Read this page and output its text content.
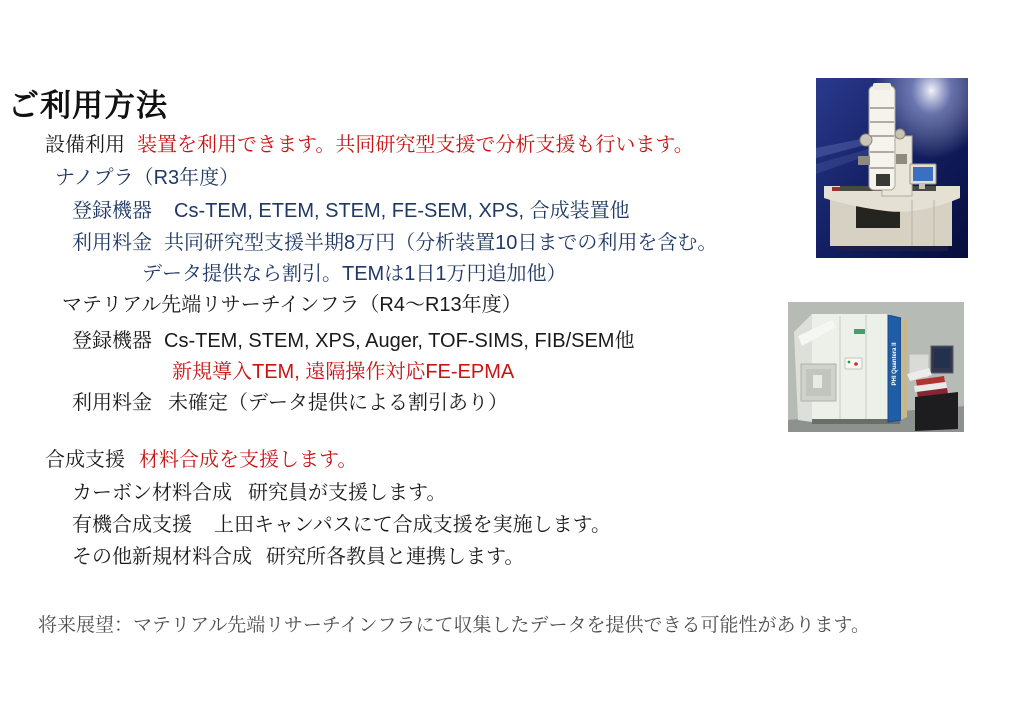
ご利用方法
設備利用 装置を利用できます。共同研究型支援で分析支援も行います。
ナノプラ（R3年度）
登録機器 Cs-TEM, ETEM, STEM, FE-SEM, XPS, 合成装置他
利用料金 共同研究型支援半期8万円（分析装置10日までの利用を含む。
データ提供なら割引。TEMは1日1万円追加他）
マテリアル先端リサーチインフラ（R4～R13年度）
登録機器 Cs-TEM, STEM, XPS, Auger, TOF-SIMS, FIB/SEM他
新規導入TEM, 遠隔操作対応FE-EPMA
利用料金 未確定（データ提供による割引あり）
合成支援 材料合成を支援します。
カーボン材料合成 研究員が支援します。
有機合成支援 上田キャンパスにて合成支援を実施します。
その他新規材料合成 研究所各教員と連携します。
将来展望：マテリアル先端リサーチインフラにて収集したデータを提供できる可能性があります。
PHI Quantera II
